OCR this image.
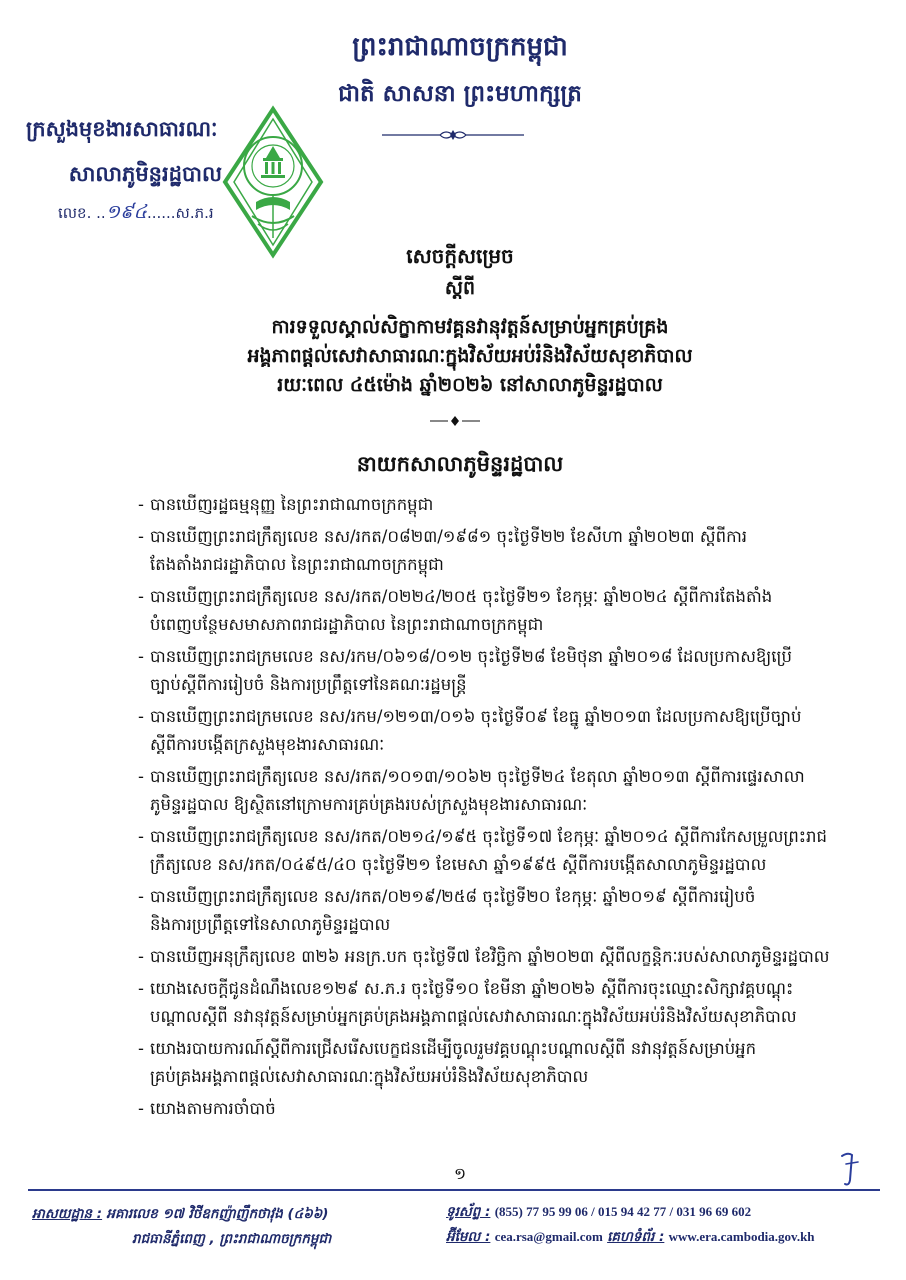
ព្រះរាជាណាចក្រកម្ពុជា
ជាតិ សាសនា ព្រះមហាក្សត្រ
ក្រសួងមុខងារសាធារណៈ
សាលាភូមិន្ទរដ្ឋបាល
លេខ. ..១៩៤......ស.ភ.រ
សេចក្តីសម្រេច
ស្តីពី
ការទទួលស្គាល់សិក្ខាកាមវគ្គនវានុវត្តន៍សម្រាប់អ្នកគ្រប់គ្រង
អង្គភាពផ្តល់សេវាសាធារណៈក្នុងវិស័យអប់រំនិងវិស័យសុខាភិបាល
រយៈពេល ៤៥ម៉ោង ឆ្នាំ២០២៦ នៅសាលាភូមិន្ទរដ្ឋបាល
នាយកសាលាភូមិន្ទរដ្ឋបាល
- បានឃើញរដ្ឋធម្មនុញ្ញ នៃព្រះរាជាណាចក្រកម្ពុជា
- បានឃើញព្រះរាជក្រឹត្យលេខ នស/រកត/០៨២៣/១៩៨១ ចុះថ្ងៃទី២២ ខែសីហា ឆ្នាំ២០២៣ ស្តីពីការ
តែងតាំងរាជរដ្ឋាភិបាល នៃព្រះរាជាណាចក្រកម្ពុជា
- បានឃើញព្រះរាជក្រឹត្យលេខ នស/រកត/០២២៤/២០៥ ចុះថ្ងៃទី២១ ខែកុម្ភៈ ឆ្នាំ២០២៤ ស្តីពីការតែងតាំង
បំពេញបន្ថែមសមាសភាពរាជរដ្ឋាភិបាល នៃព្រះរាជាណាចក្រកម្ពុជា
- បានឃើញព្រះរាជក្រមលេខ នស/រកម/០៦១៨/០១២ ចុះថ្ងៃទី២៨ ខែមិថុនា ឆ្នាំ២០១៨ ដែលប្រកាសឱ្យប្រើ
ច្បាប់ស្តីពីការរៀបចំ និងការប្រព្រឹត្តទៅនៃគណៈរដ្ឋមន្ត្រី
- បានឃើញព្រះរាជក្រមលេខ នស/រកម/១២១៣/០១៦ ចុះថ្ងៃទី០៩ ខែធ្នូ ឆ្នាំ២០១៣ ដែលប្រកាសឱ្យប្រើច្បាប់
ស្តីពីការបង្កើតក្រសួងមុខងារសាធារណៈ
- បានឃើញព្រះរាជក្រឹត្យលេខ នស/រកត/១០១៣/១០៦២ ចុះថ្ងៃទី២៤ ខែតុលា ឆ្នាំ២០១៣ ស្តីពីការផ្ទេរសាលា
ភូមិន្ទរដ្ឋបាល ឱ្យស្ថិតនៅក្រោមការគ្រប់គ្រងរបស់ក្រសួងមុខងារសាធារណៈ
- បានឃើញព្រះរាជក្រឹត្យលេខ នស/រកត/០២១៤/១៩៥ ចុះថ្ងៃទី១៧ ខែកុម្ភៈ ឆ្នាំ២០១៤ ស្តីពីការកែសម្រួលព្រះរាជ
ក្រឹត្យលេខ នស/រកត/០៤៩៥/៤០ ចុះថ្ងៃទី២១ ខែមេសា ឆ្នាំ១៩៩៥ ស្តីពីការបង្កើតសាលាភូមិន្ទរដ្ឋបាល
- បានឃើញព្រះរាជក្រឹត្យលេខ នស/រកត/០២១៩/២៥៨ ចុះថ្ងៃទី២០ ខែកុម្ភៈ ឆ្នាំ២០១៩ ស្តីពីការរៀបចំ
និងការប្រព្រឹត្តទៅនៃសាលាភូមិន្ទរដ្ឋបាល
- បានឃើញអនុក្រឹត្យលេខ ៣២៦ អនក្រ.បក ចុះថ្ងៃទី៧ ខែវិច្ឆិកា ឆ្នាំ២០២៣ ស្តីពីលក្ខន្តិកៈរបស់សាលាភូមិន្ទរដ្ឋបាល
- យោងសេចក្តីជូនដំណឹងលេខ១២៩ ស.ភ.រ ចុះថ្ងៃទី១០ ខែមីនា ឆ្នាំ២០២៦ ស្តីពីការចុះឈ្មោះសិក្សាវគ្គបណ្តុះ
បណ្តាលស្តីពី នវានុវត្តន៍សម្រាប់អ្នកគ្រប់គ្រងអង្គភាពផ្តល់សេវាសាធារណៈក្នុងវិស័យអប់រំនិងវិស័យសុខាភិបាល
- យោងរបាយការណ៍ស្តីពីការជ្រើសរើសបេក្ខជនដើម្បីចូលរួមវគ្គបណ្តុះបណ្តាលស្តីពី នវានុវត្តន៍សម្រាប់អ្នក
គ្រប់គ្រងអង្គភាពផ្តល់សេវាសាធារណៈក្នុងវិស័យអប់រំនិងវិស័យសុខាភិបាល
- យោងតាមការចាំបាច់
១
អាសយដ្ឋាន : អគារលេខ ១៧ វិថីឧកញ៉ាញឹកថាវុង (៤៦៦)
រាជធានីភ្នំពេញ , ព្រះរាជាណាចក្រកម្ពុជា
ទូរស័ព្ទ : (855) 77 95 99 06 / 015 94 42 77 / 031 96 69 602
អ៊ីមែល : cea.rsa@gmail.com គេហទំព័រ : www.era.cambodia.gov.kh
